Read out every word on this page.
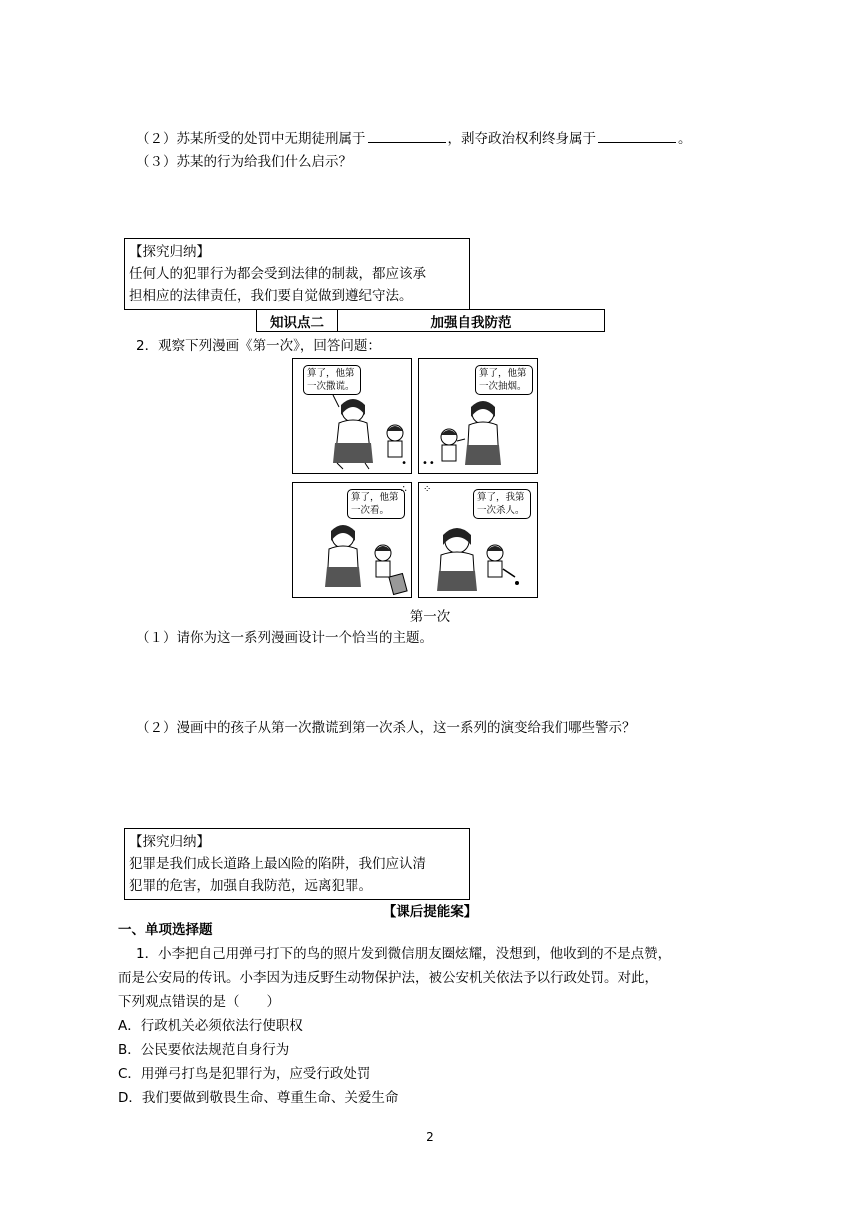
（２）苏某所受的处罚中无期徒刑属于	，剥夺政治权利终身属于	。
（３）苏某的行为给我们什么启示？
【探究归纳】
任何人的犯罪行为都会受到法律的制裁，都应该承
担相应的法律责任，我们要自觉做到遵纪守法。
知识点二	加强自我防范
2．观察下列漫画《第一次》，回答问题：
算了，他第一次撒谎。
•
算了，他第一次抽烟。
••
算了，他第一次看。
∴ ⁘
算了，我第一次杀人。
第一次
（１）请你为这一系列漫画设计一个恰当的主题。
（２）漫画中的孩子从第一次撒谎到第一次杀人，这一系列的演变给我们哪些警示？
【探究归纳】
犯罪是我们成长道路上最凶险的陷阱，我们应认清
犯罪的危害，加强自我防范，远离犯罪。
【课后提能案】
一、单项选择题
1．小李把自己用弹弓打下的鸟的照片发到微信朋友圈炫耀，没想到，他收到的不是点赞，
而是公安局的传讯。小李因为违反野生动物保护法，被公安机关依法予以行政处罚。对此，
下列观点错误的是（　　）
A．行政机关必须依法行使职权
B．公民要依法规范自身行为
C．用弹弓打鸟是犯罪行为，应受行政处罚
D．我们要做到敬畏生命、尊重生命、关爱生命
2
